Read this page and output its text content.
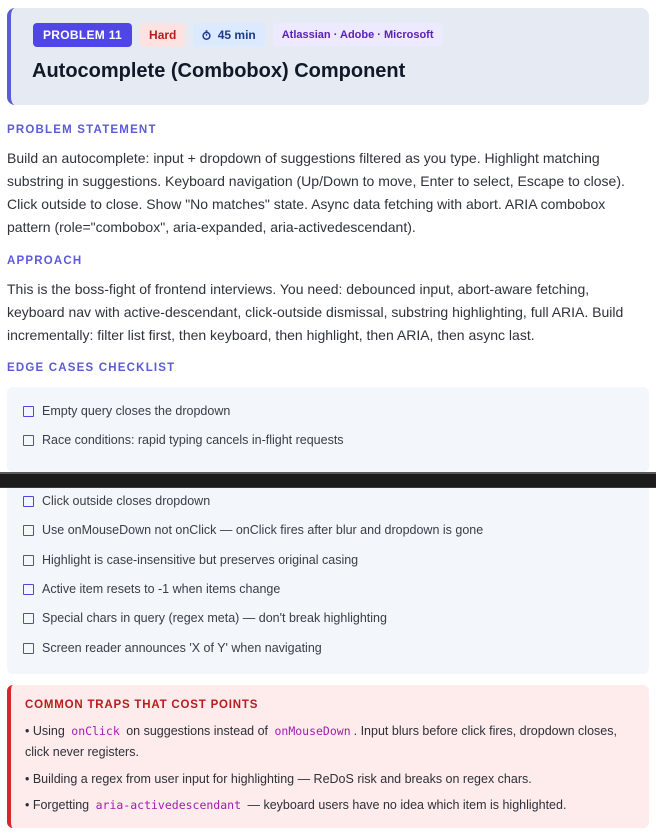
PROBLEM 11	Hard	45 min	Atlassian · Adobe · Microsoft
Autocomplete (Combobox) Component
PROBLEM STATEMENT

Build an autocomplete: input + dropdown of suggestions filtered as you type. Highlight matching substring in suggestions. Keyboard navigation (Up/Down to move, Enter to select, Escape to close). Click outside to close. Show "No matches" state. Async data fetching with abort. ARIA combobox pattern (role="combobox", aria-expanded, aria-activedescendant).

APPROACH

This is the boss-fight of frontend interviews. You need: debounced input, abort-aware fetching, keyboard nav with active-descendant, click-outside dismissal, substring highlighting, full ARIA. Build incrementally: filter list first, then keyboard, then highlight, then ARIA, then async last.

EDGE CASES CHECKLIST
Empty query closes the dropdown
Race conditions: rapid typing cancels in-flight requests
Click outside closes dropdown
Use onMouseDown not onClick — onClick fires after blur and dropdown is gone
Highlight is case-insensitive but preserves original casing
Active item resets to -1 when items change
Special chars in query (regex meta) — don't break highlighting
Screen reader announces 'X of Y' when navigating
COMMON TRAPS THAT COST POINTS

• Using onClick on suggestions instead of onMouseDown . Input blurs before click fires, dropdown closes, click never registers.

• Building a regex from user input for highlighting — ReDoS risk and breaks on regex chars.

• Forgetting aria-activedescendant — keyboard users have no idea which item is highlighted.
